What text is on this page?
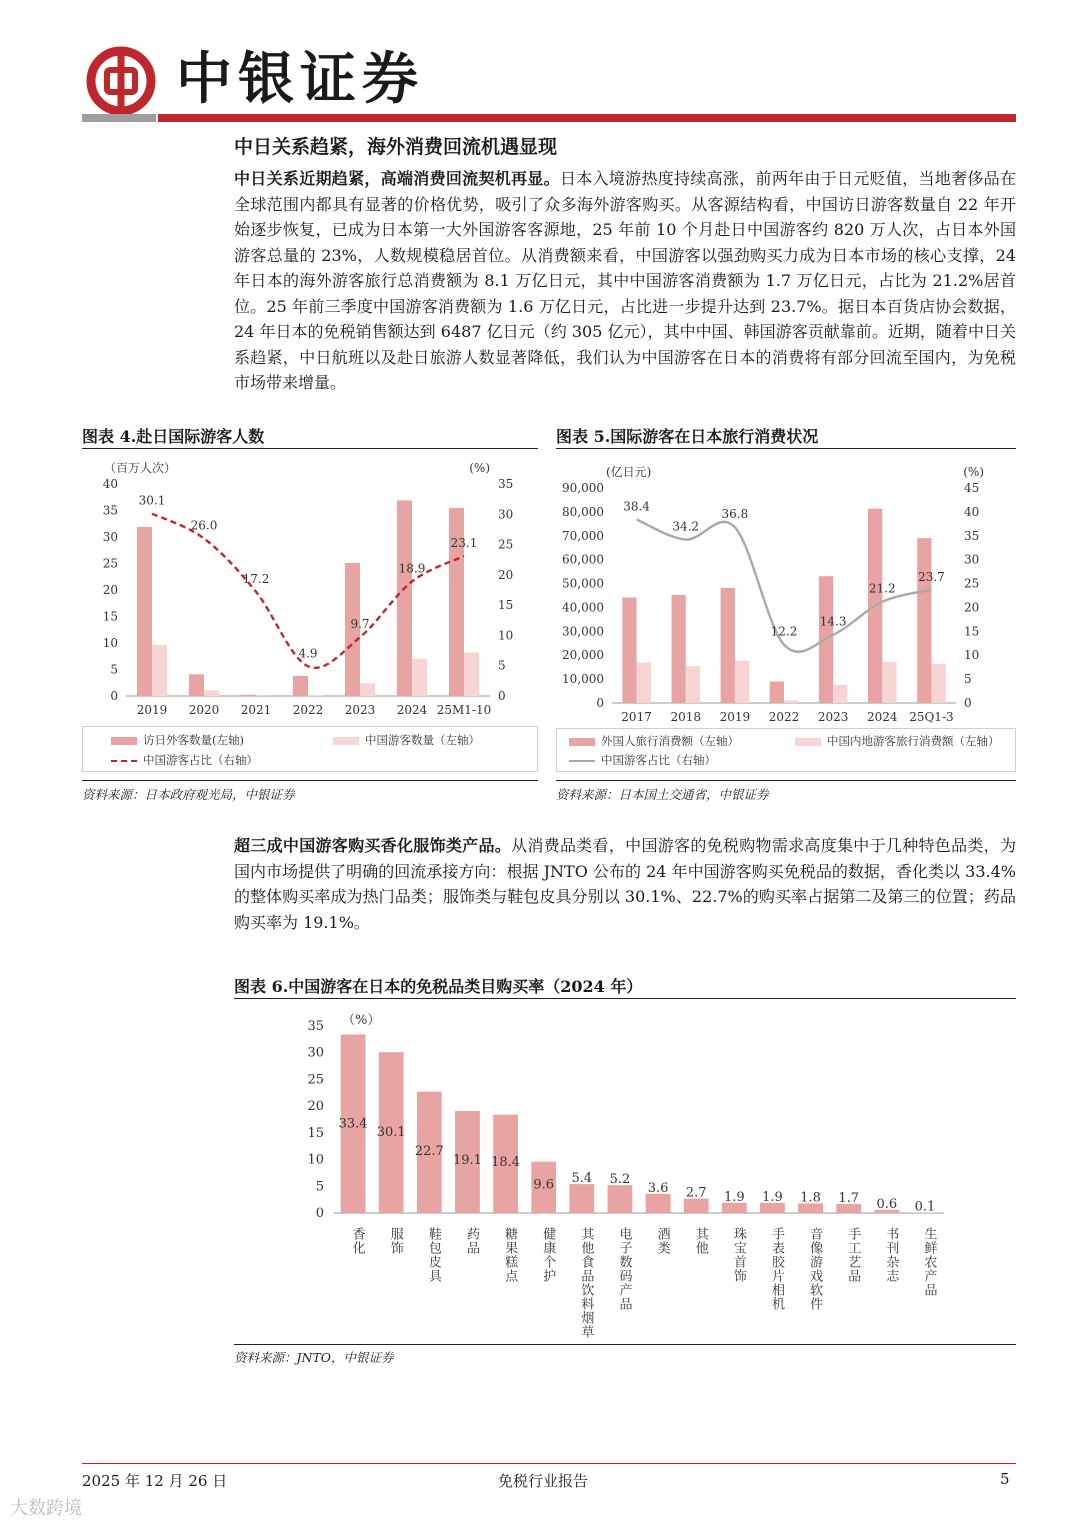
中银证券
中日关系趋紧，海外消费回流机遇显现
中日关系近期趋紧，高端消费回流契机再显。日本入境游热度持续高涨，前两年由于日元贬值，当地奢侈品在全球范围内都具有显著的价格优势，吸引了众多海外游客购买。从客源结构看，中国访日游客数量自 22 年开始逐步恢复，已成为日本第一大外国游客客源地，25 年前 10 个月赴日中国游客约 820 万人次，占日本外国游客总量的 23%，人数规模稳居首位。从消费额来看，中国游客以强劲购买力成为日本市场的核心支撑，24 年日本的海外游客旅行总消费额为 8.1 万亿日元，其中中国游客消费额为 1.7 万亿日元，占比为 21.2%居首位。25 年前三季度中国游客消费额为 1.6 万亿日元，占比进一步提升达到 23.7%。据日本百货店协会数据，24 年日本的免税销售额达到 6487 亿日元（约 305 亿元），其中中国、韩国游客贡献靠前。近期，随着中日关系趋紧，中日航班以及赴日旅游人数显著降低，我们认为中国游客在日本的消费将有部分回流至国内，为免税市场带来增量。
图表 4.赴日国际游客人数
（百万人次）	(%)
0
5
10
15
20
25
30
35
40
0
5
10
15
20
25
30
35
2019 2020 2021 2022 2023 2024 25M1-10
30.1
26.0
17.2
4.9
9.7
18.9
23.1
访日外客数量(左轴)	中国游客数量（左轴）
中国游客占比（右轴）
资料来源：日本政府观光局，中银证券
图表 5.国际游客在日本旅行消费状况
(亿日元)	(%)
0
10,000
20,000
30,000
40,000
50,000
60,000
70,000
80,000
90,000
0
5
10
15
20
25
30
35
40
45
2017 2018 2019 2022 2023 2024 25Q1-3
38.4
34.2
36.8
12.2
14.3
21.2
23.7
外国人旅行消费额（左轴）	中国内地游客旅行消费额（左轴）
中国游客占比（右轴）
资料来源：日本国土交通省，中银证券
超三成中国游客购买香化服饰类产品。从消费品类看，中国游客的免税购物需求高度集中于几种特色品类，为国内市场提供了明确的回流承接方向：根据 JNTO 公布的 24 年中国游客购买免税品的数据，香化类以 33.4%的整体购买率成为热门品类；服饰类与鞋包皮具分别以 30.1%、22.7%的购买率占据第二及第三的位置；药品购买率为 19.1%。
图表 6.中国游客在日本的免税品类目购买率（2024 年）
（%）
0
5
10
15
20
25
30
35
33.4
香化
30.1
服饰
22.7
鞋包皮具
19.1
药品
18.4
糖果糕点
9.6
健康个护
5.4
其他食品饮料烟草
5.2
电子数码产品
3.6
酒类
2.7
其他
1.9
珠宝首饰
1.9
手表胶片相机
1.8
音像游戏软件
1.7
手工艺品
0.6
书刊杂志
0.1
生鲜农产品
资料来源：JNTO，中银证券
2025 年 12 月 26 日	免税行业报告	5
大数跨境
